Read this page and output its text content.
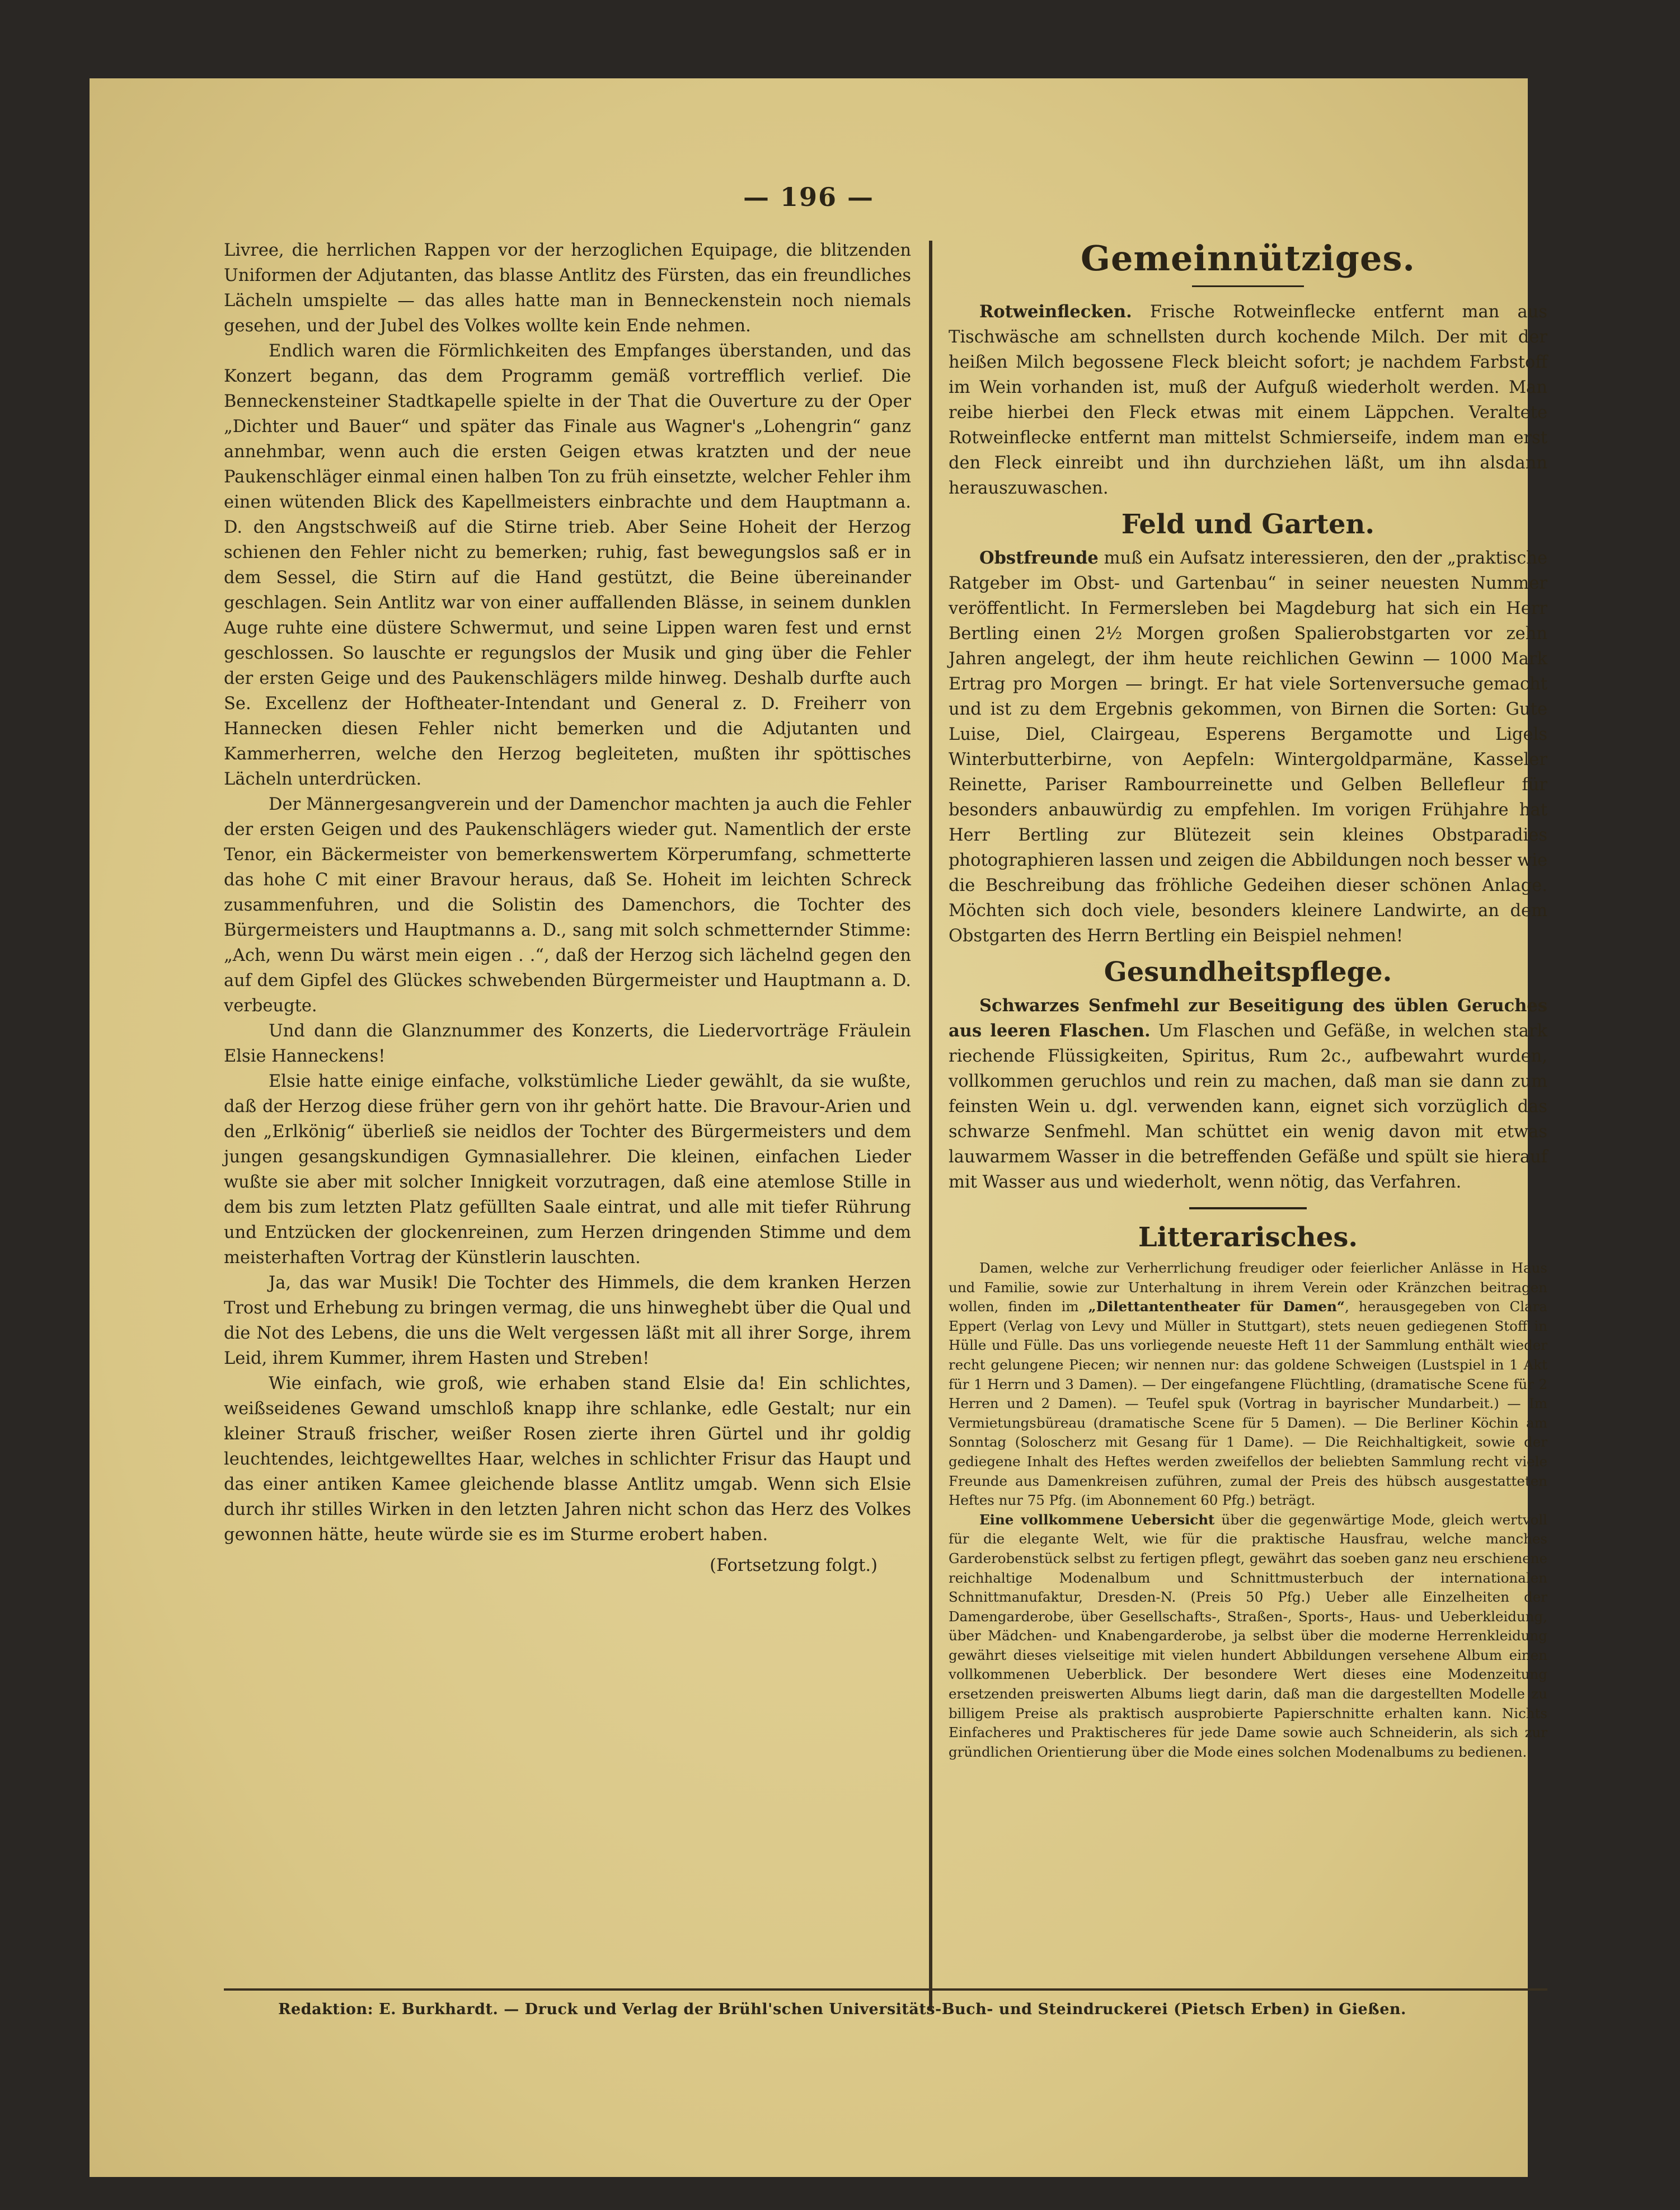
— 196 —

Livree, die herrlichen Rappen vor der herzoglichen Equipage, die blitzenden Uniformen der Adjutanten, das blasse Antlitz des Fürsten, das ein freundliches Lächeln umspielte — das alles hatte man in Benneckenstein noch niemals gesehen, und der Jubel des Volkes wollte kein Ende nehmen.

Endlich waren die Förmlichkeiten des Empfanges überstanden, und das Konzert begann, das dem Programm gemäß vortrefflich verlief. Die Benneckensteiner Stadtkapelle spielte in der That die Ouverture zu der Oper „Dichter und Bauer“ und später das Finale aus Wagner's „Lohengrin“ ganz annehmbar, wenn auch die ersten Geigen etwas kratzten und der neue Paukenschläger einmal einen halben Ton zu früh einsetzte, welcher Fehler ihm einen wütenden Blick des Kapellmeisters einbrachte und dem Hauptmann a. D. den Angstschweiß auf die Stirne trieb. Aber Seine Hoheit der Herzog schienen den Fehler nicht zu bemerken; ruhig, fast bewegungslos saß er in dem Sessel, die Stirn auf die Hand gestützt, die Beine übereinander geschlagen. Sein Antlitz war von einer auffallenden Blässe, in seinem dunklen Auge ruhte eine düstere Schwermut, und seine Lippen waren fest und ernst geschlossen. So lauschte er regungslos der Musik und ging über die Fehler der ersten Geige und des Paukenschlägers milde hinweg. Deshalb durfte auch Se. Excellenz der Hoftheater-Intendant und General z. D. Freiherr von Hannecken diesen Fehler nicht bemerken und die Adjutanten und Kammerherren, welche den Herzog begleiteten, mußten ihr spöttisches Lächeln unterdrücken.

Der Männergesangverein und der Damenchor machten ja auch die Fehler der ersten Geigen und des Paukenschlägers wieder gut. Namentlich der erste Tenor, ein Bäckermeister von bemerkenswertem Körperumfang, schmetterte das hohe C mit einer Bravour heraus, daß Se. Hoheit im leichten Schreck zusammenfuhren, und die Solistin des Damenchors, die Tochter des Bürgermeisters und Hauptmanns a. D., sang mit solch schmetternder Stimme: „Ach, wenn Du wärst mein eigen . .“, daß der Herzog sich lächelnd gegen den auf dem Gipfel des Glückes schwebenden Bürgermeister und Hauptmann a. D. verbeugte.

Und dann die Glanznummer des Konzerts, die Liedervorträge Fräulein Elsie Hanneckens!

Elsie hatte einige einfache, volkstümliche Lieder gewählt, da sie wußte, daß der Herzog diese früher gern von ihr gehört hatte. Die Bravour-Arien und den „Erlkönig“ überließ sie neidlos der Tochter des Bürgermeisters und dem jungen gesangskundigen Gymnasiallehrer. Die kleinen, einfachen Lieder wußte sie aber mit solcher Innigkeit vorzutragen, daß eine atemlose Stille in dem bis zum letzten Platz gefüllten Saale eintrat, und alle mit tiefer Rührung und Entzücken der glockenreinen, zum Herzen dringenden Stimme und dem meisterhaften Vortrag der Künstlerin lauschten.

Ja, das war Musik! Die Tochter des Himmels, die dem kranken Herzen Trost und Erhebung zu bringen vermag, die uns hinweghebt über die Qual und die Not des Lebens, die uns die Welt vergessen läßt mit all ihrer Sorge, ihrem Leid, ihrem Kummer, ihrem Hasten und Streben!

Wie einfach, wie groß, wie erhaben stand Elsie da! Ein schlichtes, weißseidenes Gewand umschloß knapp ihre schlanke, edle Gestalt; nur ein kleiner Strauß frischer, weißer Rosen zierte ihren Gürtel und ihr goldig leuchtendes, leichtgewelltes Haar, welches in schlichter Frisur das Haupt und das einer antiken Kamee gleichende blasse Antlitz umgab. Wenn sich Elsie durch ihr stilles Wirken in den letzten Jahren nicht schon das Herz des Volkes gewonnen hätte, heute würde sie es im Sturme erobert haben.

(Fortsetzung folgt.)
Gemeinnütziges.

Rotweinflecken. Frische Rotweinflecke entfernt man aus Tischwäsche am schnellsten durch kochende Milch. Der mit der heißen Milch begossene Fleck bleicht sofort; je nachdem Farbstoff im Wein vorhanden ist, muß der Aufguß wiederholt werden. Man reibe hierbei den Fleck etwas mit einem Läppchen. Veraltete Rotweinflecke entfernt man mittelst Schmierseife, indem man erst den Fleck einreibt und ihn durchziehen läßt, um ihn alsdann herauszuwaschen.

Feld und Garten.

Obstfreunde muß ein Aufsatz interessieren, den der „praktische Ratgeber im Obst- und Gartenbau“ in seiner neuesten Nummer veröffentlicht. In Fermersleben bei Magdeburg hat sich ein Herr Bertling einen 2½ Morgen großen Spalierobstgarten vor zehn Jahren angelegt, der ihm heute reichlichen Gewinn — 1000 Mark Ertrag pro Morgen — bringt. Er hat viele Sortenversuche gemacht und ist zu dem Ergebnis gekommen, von Birnen die Sorten: Gute Luise, Diel, Clairgeau, Esperens Bergamotte und Ligels Winterbutterbirne, von Aepfeln: Wintergoldparmäne, Kasseler Reinette, Pariser Rambourreinette und Gelben Bellefleur für besonders anbauwürdig zu empfehlen. Im vorigen Frühjahre hat Herr Bertling zur Blütezeit sein kleines Obstparadies photographieren lassen und zeigen die Abbildungen noch besser wie die Beschreibung das fröhliche Gedeihen dieser schönen Anlage. Möchten sich doch viele, besonders kleinere Landwirte, an dem Obstgarten des Herrn Bertling ein Beispiel nehmen!

Gesundheitspflege.

Schwarzes Senfmehl zur Beseitigung des üblen Geruches aus leeren Flaschen. Um Flaschen und Gefäße, in welchen stark riechende Flüssigkeiten, Spiritus, Rum 2c., aufbewahrt wurden, vollkommen geruchlos und rein zu machen, daß man sie dann zum feinsten Wein u. dgl. verwenden kann, eignet sich vorzüglich das schwarze Senfmehl. Man schüttet ein wenig davon mit etwas lauwarmem Wasser in die betreffenden Gefäße und spült sie hierauf mit Wasser aus und wiederholt, wenn nötig, das Verfahren.

Litterarisches.

Damen, welche zur Verherrlichung freudiger oder feierlicher Anlässe in Haus und Familie, sowie zur Unterhaltung in ihrem Verein oder Kränzchen beitragen wollen, finden im „Dilettantentheater für Damen“, herausgegeben von Clara Eppert (Verlag von Levy und Müller in Stuttgart), stets neuen gediegenen Stoff in Hülle und Fülle. Das uns vorliegende neueste Heft 11 der Sammlung enthält wieder recht gelungene Piecen; wir nennen nur: das goldene Schweigen (Lustspiel in 1 Akt für 1 Herrn und 3 Damen). — Der eingefangene Flüchtling, (dramatische Scene für 2 Herren und 2 Damen). — Teufel spuk (Vortrag in bayrischer Mundarbeit.) — Im Vermietungsbüreau (dramatische Scene für 5 Damen). — Die Berliner Köchin am Sonntag (Soloscherz mit Gesang für 1 Dame). — Die Reichhaltigkeit, sowie der gediegene Inhalt des Heftes werden zweifellos der beliebten Sammlung recht viele Freunde aus Damenkreisen zuführen, zumal der Preis des hübsch ausgestatteten Heftes nur 75 Pfg. (im Abonnement 60 Pfg.) beträgt.

Eine vollkommene Uebersicht über die gegenwärtige Mode, gleich wertvoll für die elegante Welt, wie für die praktische Hausfrau, welche manches Garderobenstück selbst zu fertigen pflegt, gewährt das soeben ganz neu erschienene reichhaltige Modenalbum und Schnittmusterbuch der internationalen Schnittmanufaktur, Dresden-N. (Preis 50 Pfg.) Ueber alle Einzelheiten der Damengarderobe, über Gesellschafts-, Straßen-, Sports-, Haus- und Ueberkleidung, über Mädchen- und Knabengarderobe, ja selbst über die moderne Herrenkleidung gewährt dieses vielseitige mit vielen hundert Abbildungen versehene Album einen vollkommenen Ueberblick. Der besondere Wert dieses eine Modenzeitung ersetzenden preiswerten Albums liegt darin, daß man die dargestellten Modelle zu billigem Preise als praktisch ausprobierte Papierschnitte erhalten kann. Nichts Einfacheres und Praktischeres für jede Dame sowie auch Schneiderin, als sich zur gründlichen Orientierung über die Mode eines solchen Modenalbums zu bedienen.

Redaktion: E. Burkhardt. — Druck und Verlag der Brühl'schen Universitäts-Buch- und Steindruckerei (Pietsch Erben) in Gießen.
